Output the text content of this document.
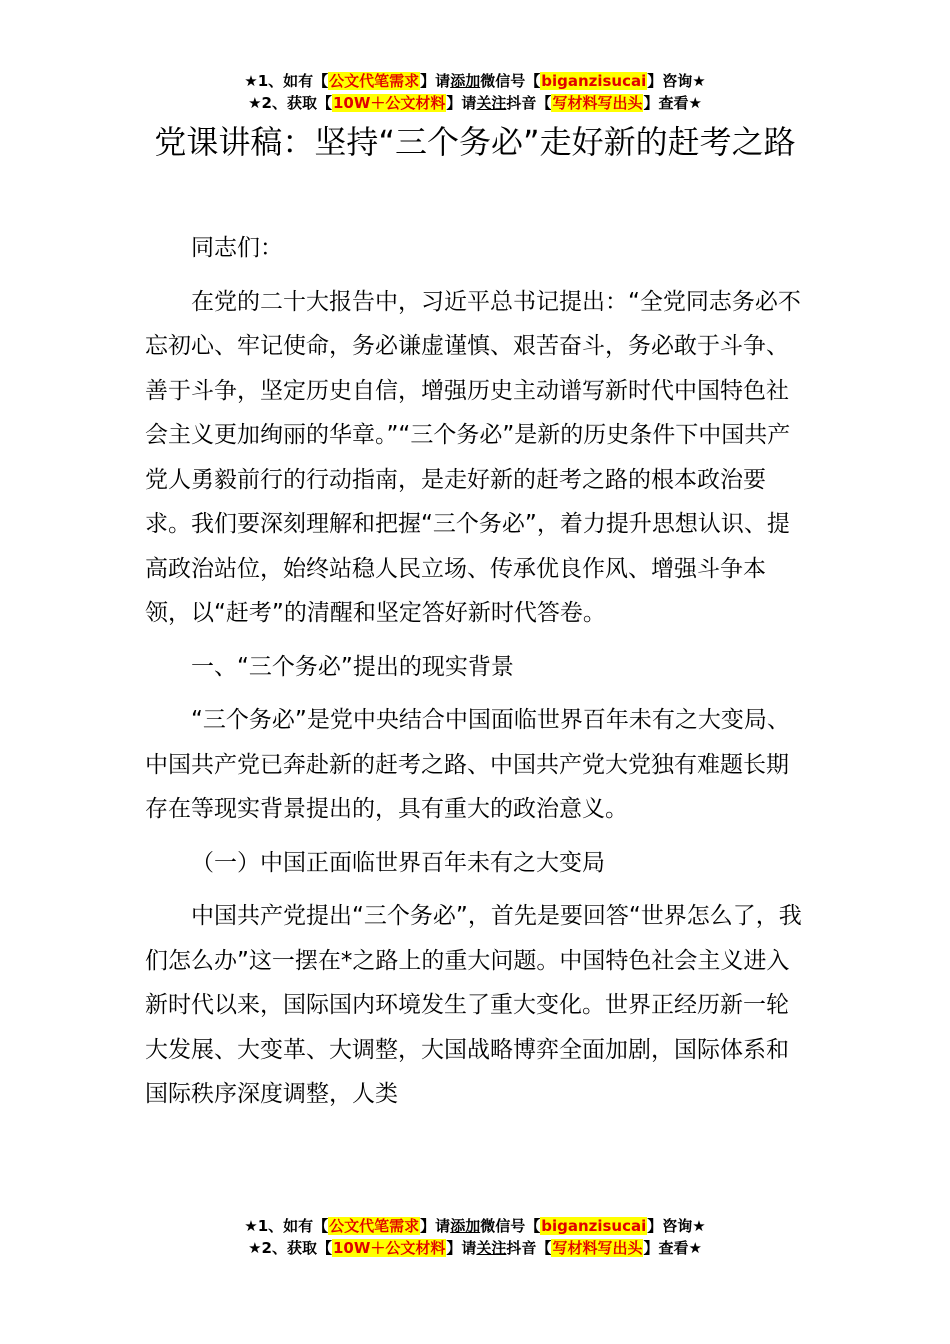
★1、如有【公文代笔需求】请添加微信号【biganzisucai】咨询★
★2、获取【10W＋公文材料】请关注抖音【写材料写出头】查看★
党课讲稿：坚持“三个务必”走好新的赶考之路

同志们：

在党的二十大报告中，习近平总书记提出：“全党同志务必不忘初心、牢记使命，务必谦虚谨慎、艰苦奋斗，务必敢于斗争、善于斗争，坚定历史自信，增强历史主动谱写新时代中国特色社会主义更加绚丽的华章。”“三个务必”是新的历史条件下中国共产党人勇毅前行的行动指南，是走好新的赶考之路的根本政治要求。我们要深刻理解和把握“三个务必”，着力提升思想认识、提高政治站位，始终站稳人民立场、传承优良作风、增强斗争本领，以“赶考”的清醒和坚定答好新时代答卷。

一、“三个务必”提出的现实背景

“三个务必”是党中央结合中国面临世界百年未有之大变局、中国共产党已奔赴新的赶考之路、中国共产党大党独有难题长期存在等现实背景提出的，具有重大的政治意义。

（一）中国正面临世界百年未有之大变局

中国共产党提出“三个务必”，首先是要回答“世界怎么了，我们怎么办”这一摆在*之路上的重大问题。中国特色社会主义进入新时代以来，国际国内环境发生了重大变化。世界正经历新一轮大发展、大变革、大调整，大国战略博弈全面加剧，国际体系和国际秩序深度调整，人类

★1、如有【公文代笔需求】请添加微信号【biganzisucai】咨询★
★2、获取【10W＋公文材料】请关注抖音【写材料写出头】查看★
